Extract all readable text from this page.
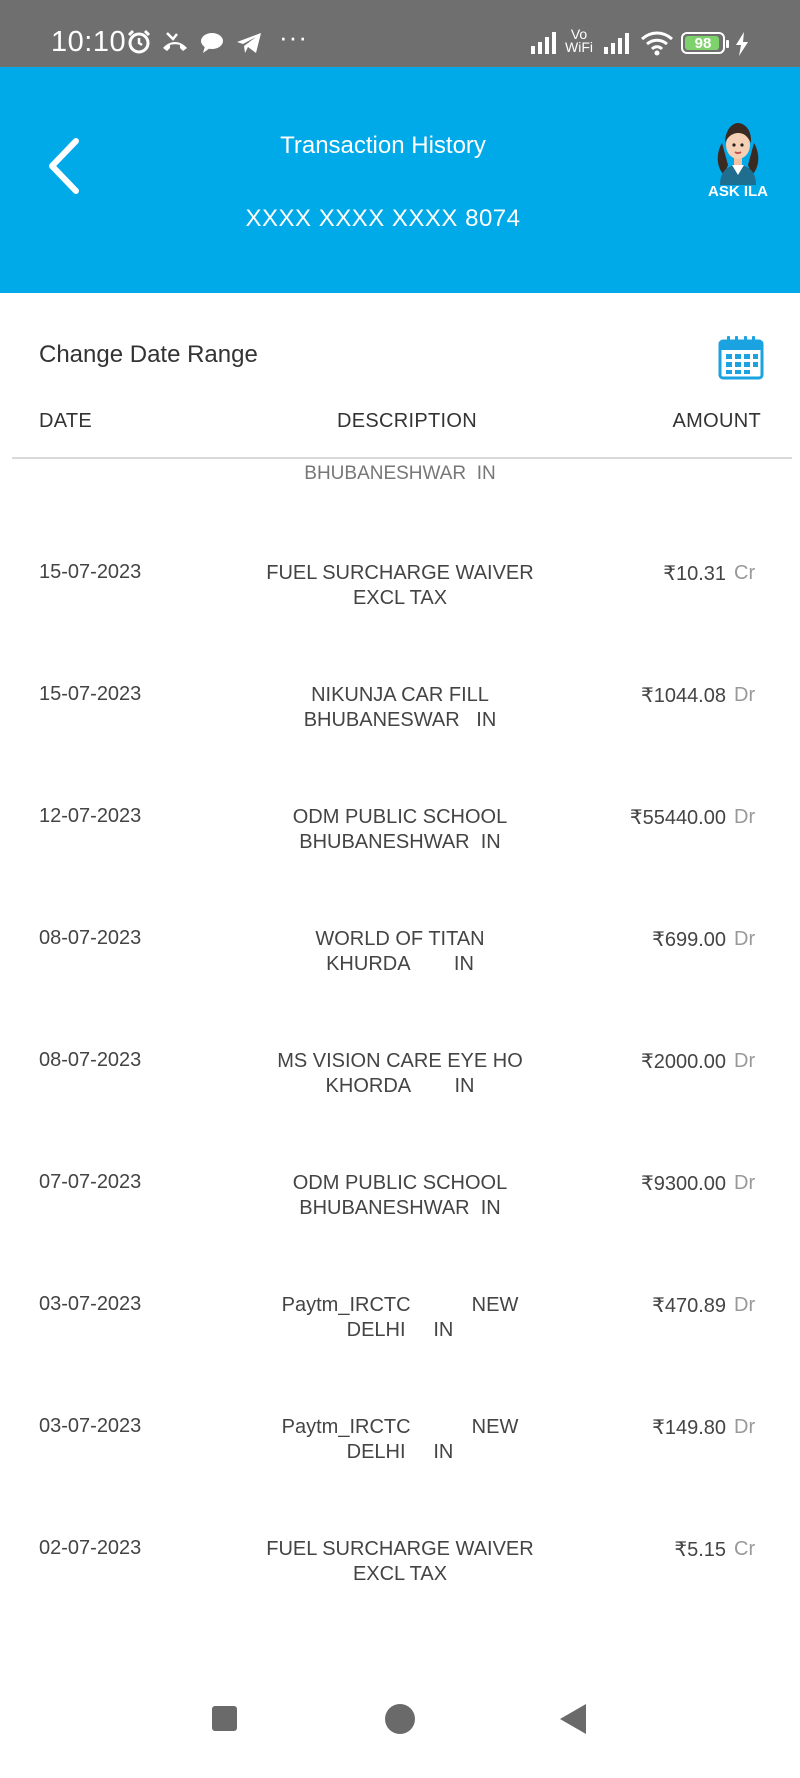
10:10	···	Vo
WiFi	98
Transaction History
XXXX XXXX XXXX 8074
ASK ILA
Change Date Range
DATE	DESCRIPTION	AMOUNT
BHUBANESHWAR  IN
15-07-2023	FUEL SURCHARGE WAIVER
EXCL TAX
₹10.31 Cr
15-07-2023	NIKUNJA CAR FILL
BHUBANESWAR   IN
₹1044.08 Dr
12-07-2023	ODM PUBLIC SCHOOL
BHUBANESHWAR  IN
₹55440.00 Dr
08-07-2023	WORLD OF TITAN
KHURDA        IN
₹699.00 Dr
08-07-2023	MS VISION CARE EYE HO
KHORDA        IN
₹2000.00 Dr
07-07-2023	ODM PUBLIC SCHOOL
BHUBANESHWAR  IN
₹9300.00 Dr
03-07-2023	Paytm_IRCTC           NEW
DELHI     IN
₹470.89 Dr
03-07-2023	Paytm_IRCTC           NEW
DELHI     IN
₹149.80 Dr
02-07-2023	FUEL SURCHARGE WAIVER
EXCL TAX
₹5.15 Cr
